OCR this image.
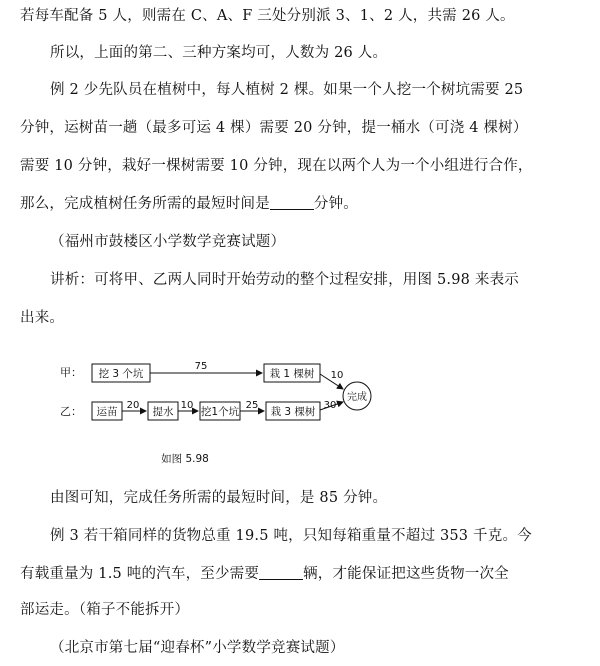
若每车配备 5 人，则需在 C、A、F 三处分别派 3、1、2 人，共需 26 人。
所以，上面的第二、三种方案均可，人数为 26 人。
例 2 少先队员在植树中，每人植树 2 棵。如果一个人挖一个树坑需要 25
分钟，运树苗一趟（最多可运 4 棵）需要 20 分钟，提一桶水（可浇 4 棵树）
需要 10 分钟，栽好一棵树需要 10 分钟，现在以两个人为一个小组进行合作，
那么，完成植树任务所需的最短时间是	分钟。
（福州市鼓楼区小学数学竞赛试题）
讲析：可将甲、乙两人同时开始劳动的整个过程安排，用图 5.98 来表示
出来。
甲：
乙：
挖 3 个坑
75
栽 1 棵树 10
运苗
20
提水
10
挖1个坑
25
栽 3 棵树
30
完成
如图 5.98
由图可知，完成任务所需的最短时间，是 85 分钟。
例 3 若干箱同样的货物总重 19.5 吨，只知每箱重量不超过 353 千克。今
有载重量为 1.5 吨的汽车，至少需要	辆，才能保证把这些货物一次全
部运走。（箱子不能拆开）
（北京市第七届“迎春杯”小学数学竞赛试题）
